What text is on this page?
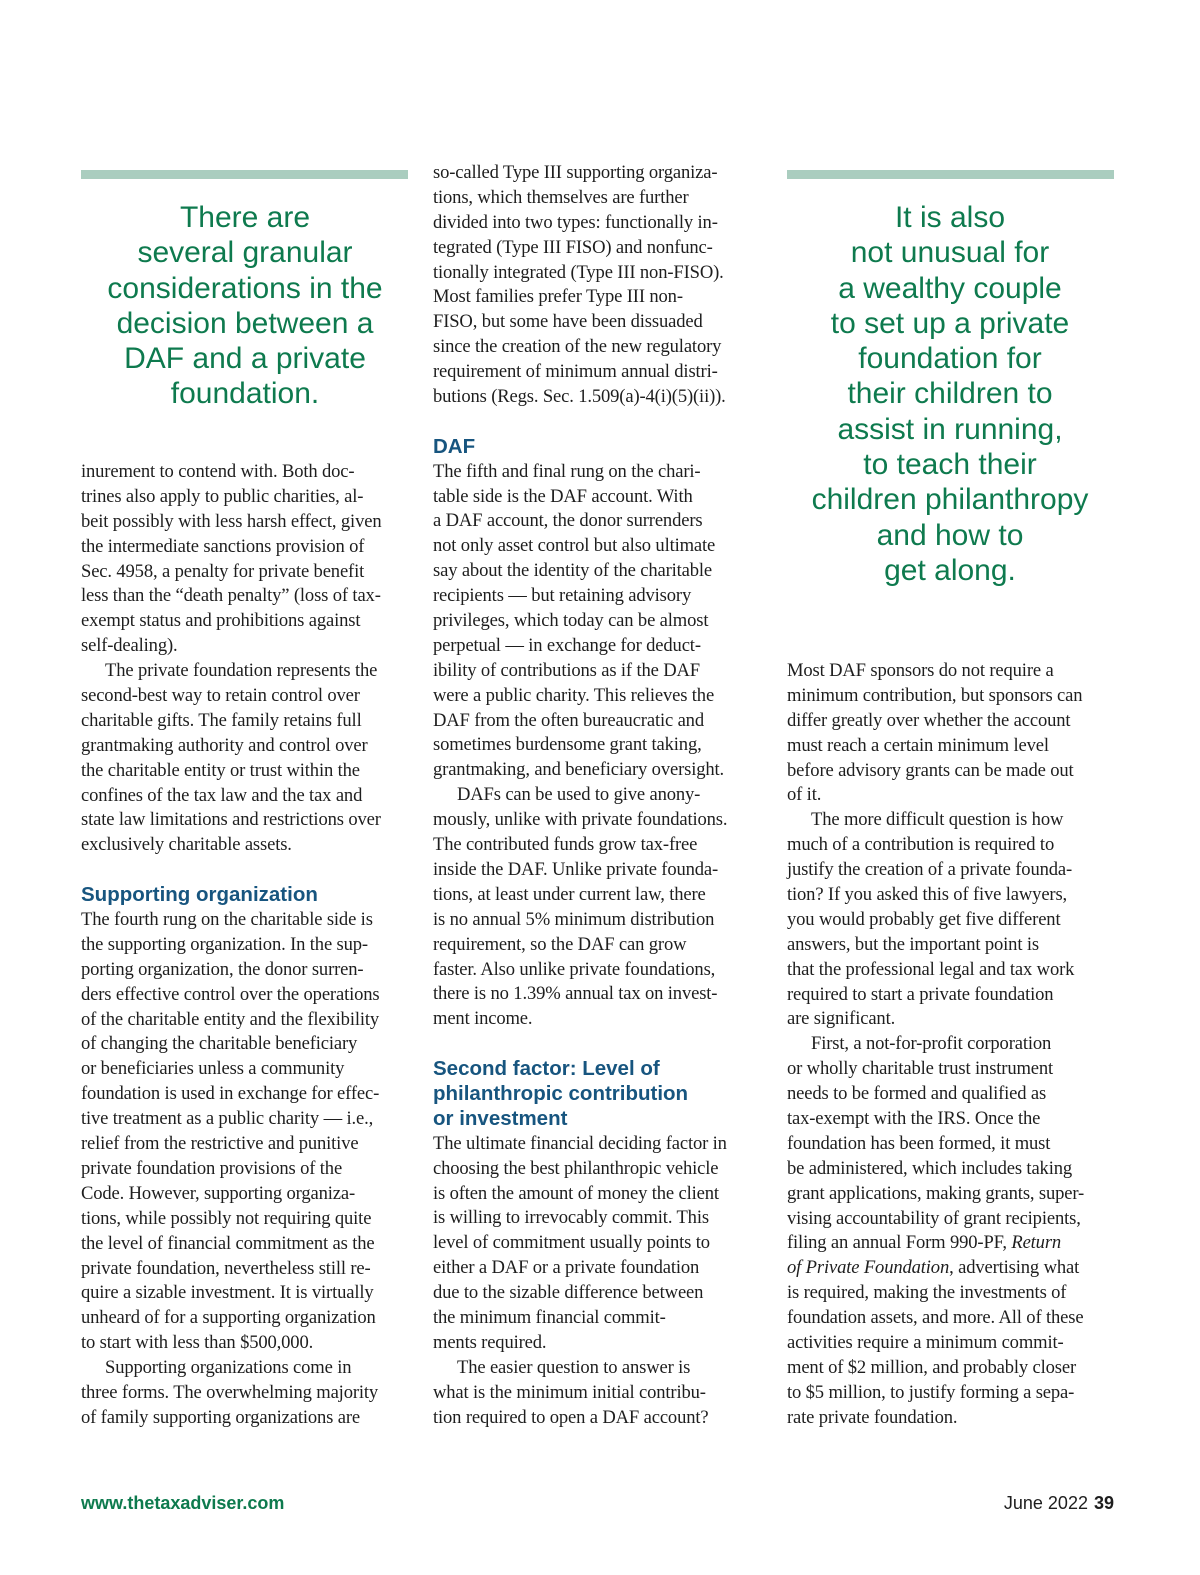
There are
several granular
considerations in the
decision between a
DAF and a private
foundation.
It is also
not unusual for
a wealthy couple
to set up a private
foundation for
their children to
assist in running,
to teach their
children philanthropy
and how to
get along.
inurement to contend with. Both doc-
trines also apply to public charities, al-
beit possibly with less harsh effect, given
the intermediate sanctions provision of
Sec. 4958, a penalty for private benefit
less than the “death penalty” (loss of tax-
exempt status and prohibitions against
self-dealing).
The private foundation represents the
second-best way to retain control over
charitable gifts. The family retains full
grantmaking authority and control over
the charitable entity or trust within the
confines of the tax law and the tax and
state law limitations and restrictions over
exclusively charitable assets.
Supporting organization
The fourth rung on the charitable side is
the supporting organization. In the sup-
porting organization, the donor surren-
ders effective control over the operations
of the charitable entity and the flexibility
of changing the charitable beneficiary
or beneficiaries unless a community
foundation is used in exchange for effec-
tive treatment as a public charity — i.e.,
relief from the restrictive and punitive
private foundation provisions of the
Code. However, supporting organiza-
tions, while possibly not requiring quite
the level of financial commitment as the
private foundation, nevertheless still re-
quire a sizable investment. It is virtually
unheard of for a supporting organization
to start with less than $500,000.
Supporting organizations come in
three forms. The overwhelming majority
of family supporting organizations are
so-called Type III supporting organiza-
tions, which themselves are further
divided into two types: functionally in-
tegrated (Type III FISO) and nonfunc-
tionally integrated (Type III non-FISO).
Most families prefer Type III non-
FISO, but some have been dissuaded
since the creation of the new regulatory
requirement of minimum annual distri-
butions (Regs. Sec. 1.509(a)-4(i)(5)(ii)).
DAF
The fifth and final rung on the chari-
table side is the DAF account. With
a DAF account, the donor surrenders
not only asset control but also ultimate
say about the identity of the charitable
recipients — but retaining advisory
privileges, which today can be almost
perpetual — in exchange for deduct-
ibility of contributions as if the DAF
were a public charity. This relieves the
DAF from the often bureaucratic and
sometimes burdensome grant taking,
grantmaking, and beneficiary oversight.
DAFs can be used to give anony-
mously, unlike with private foundations.
The contributed funds grow tax-free
inside the DAF. Unlike private founda-
tions, at least under current law, there
is no annual 5% minimum distribution
requirement, so the DAF can grow
faster. Also unlike private foundations,
there is no 1.39% annual tax on invest-
ment income.
Second factor: Level of
philanthropic contribution
or investment
The ultimate financial deciding factor in
choosing the best philanthropic vehicle
is often the amount of money the client
is willing to irrevocably commit. This
level of commitment usually points to
either a DAF or a private foundation
due to the sizable difference between
the minimum financial commit-
ments required.
The easier question to answer is
what is the minimum initial contribu-
tion required to open a DAF account?
Most DAF sponsors do not require a
minimum contribution, but sponsors can
differ greatly over whether the account
must reach a certain minimum level
before advisory grants can be made out
of it.
The more difficult question is how
much of a contribution is required to
justify the creation of a private founda-
tion? If you asked this of five lawyers,
you would probably get five different
answers, but the important point is
that the professional legal and tax work
required to start a private foundation
are significant.
First, a not-for-profit corporation
or wholly charitable trust instrument
needs to be formed and qualified as
tax-exempt with the IRS. Once the
foundation has been formed, it must
be administered, which includes taking
grant applications, making grants, super-
vising accountability of grant recipients,
filing an annual Form 990-PF, Return
of Private Foundation, advertising what
is required, making the investments of
foundation assets, and more. All of these
activities require a minimum commit-
ment of $2 million, and probably closer
to $5 million, to justify forming a sepa-
rate private foundation.
www.thetaxadviser.com	June 2022 39
